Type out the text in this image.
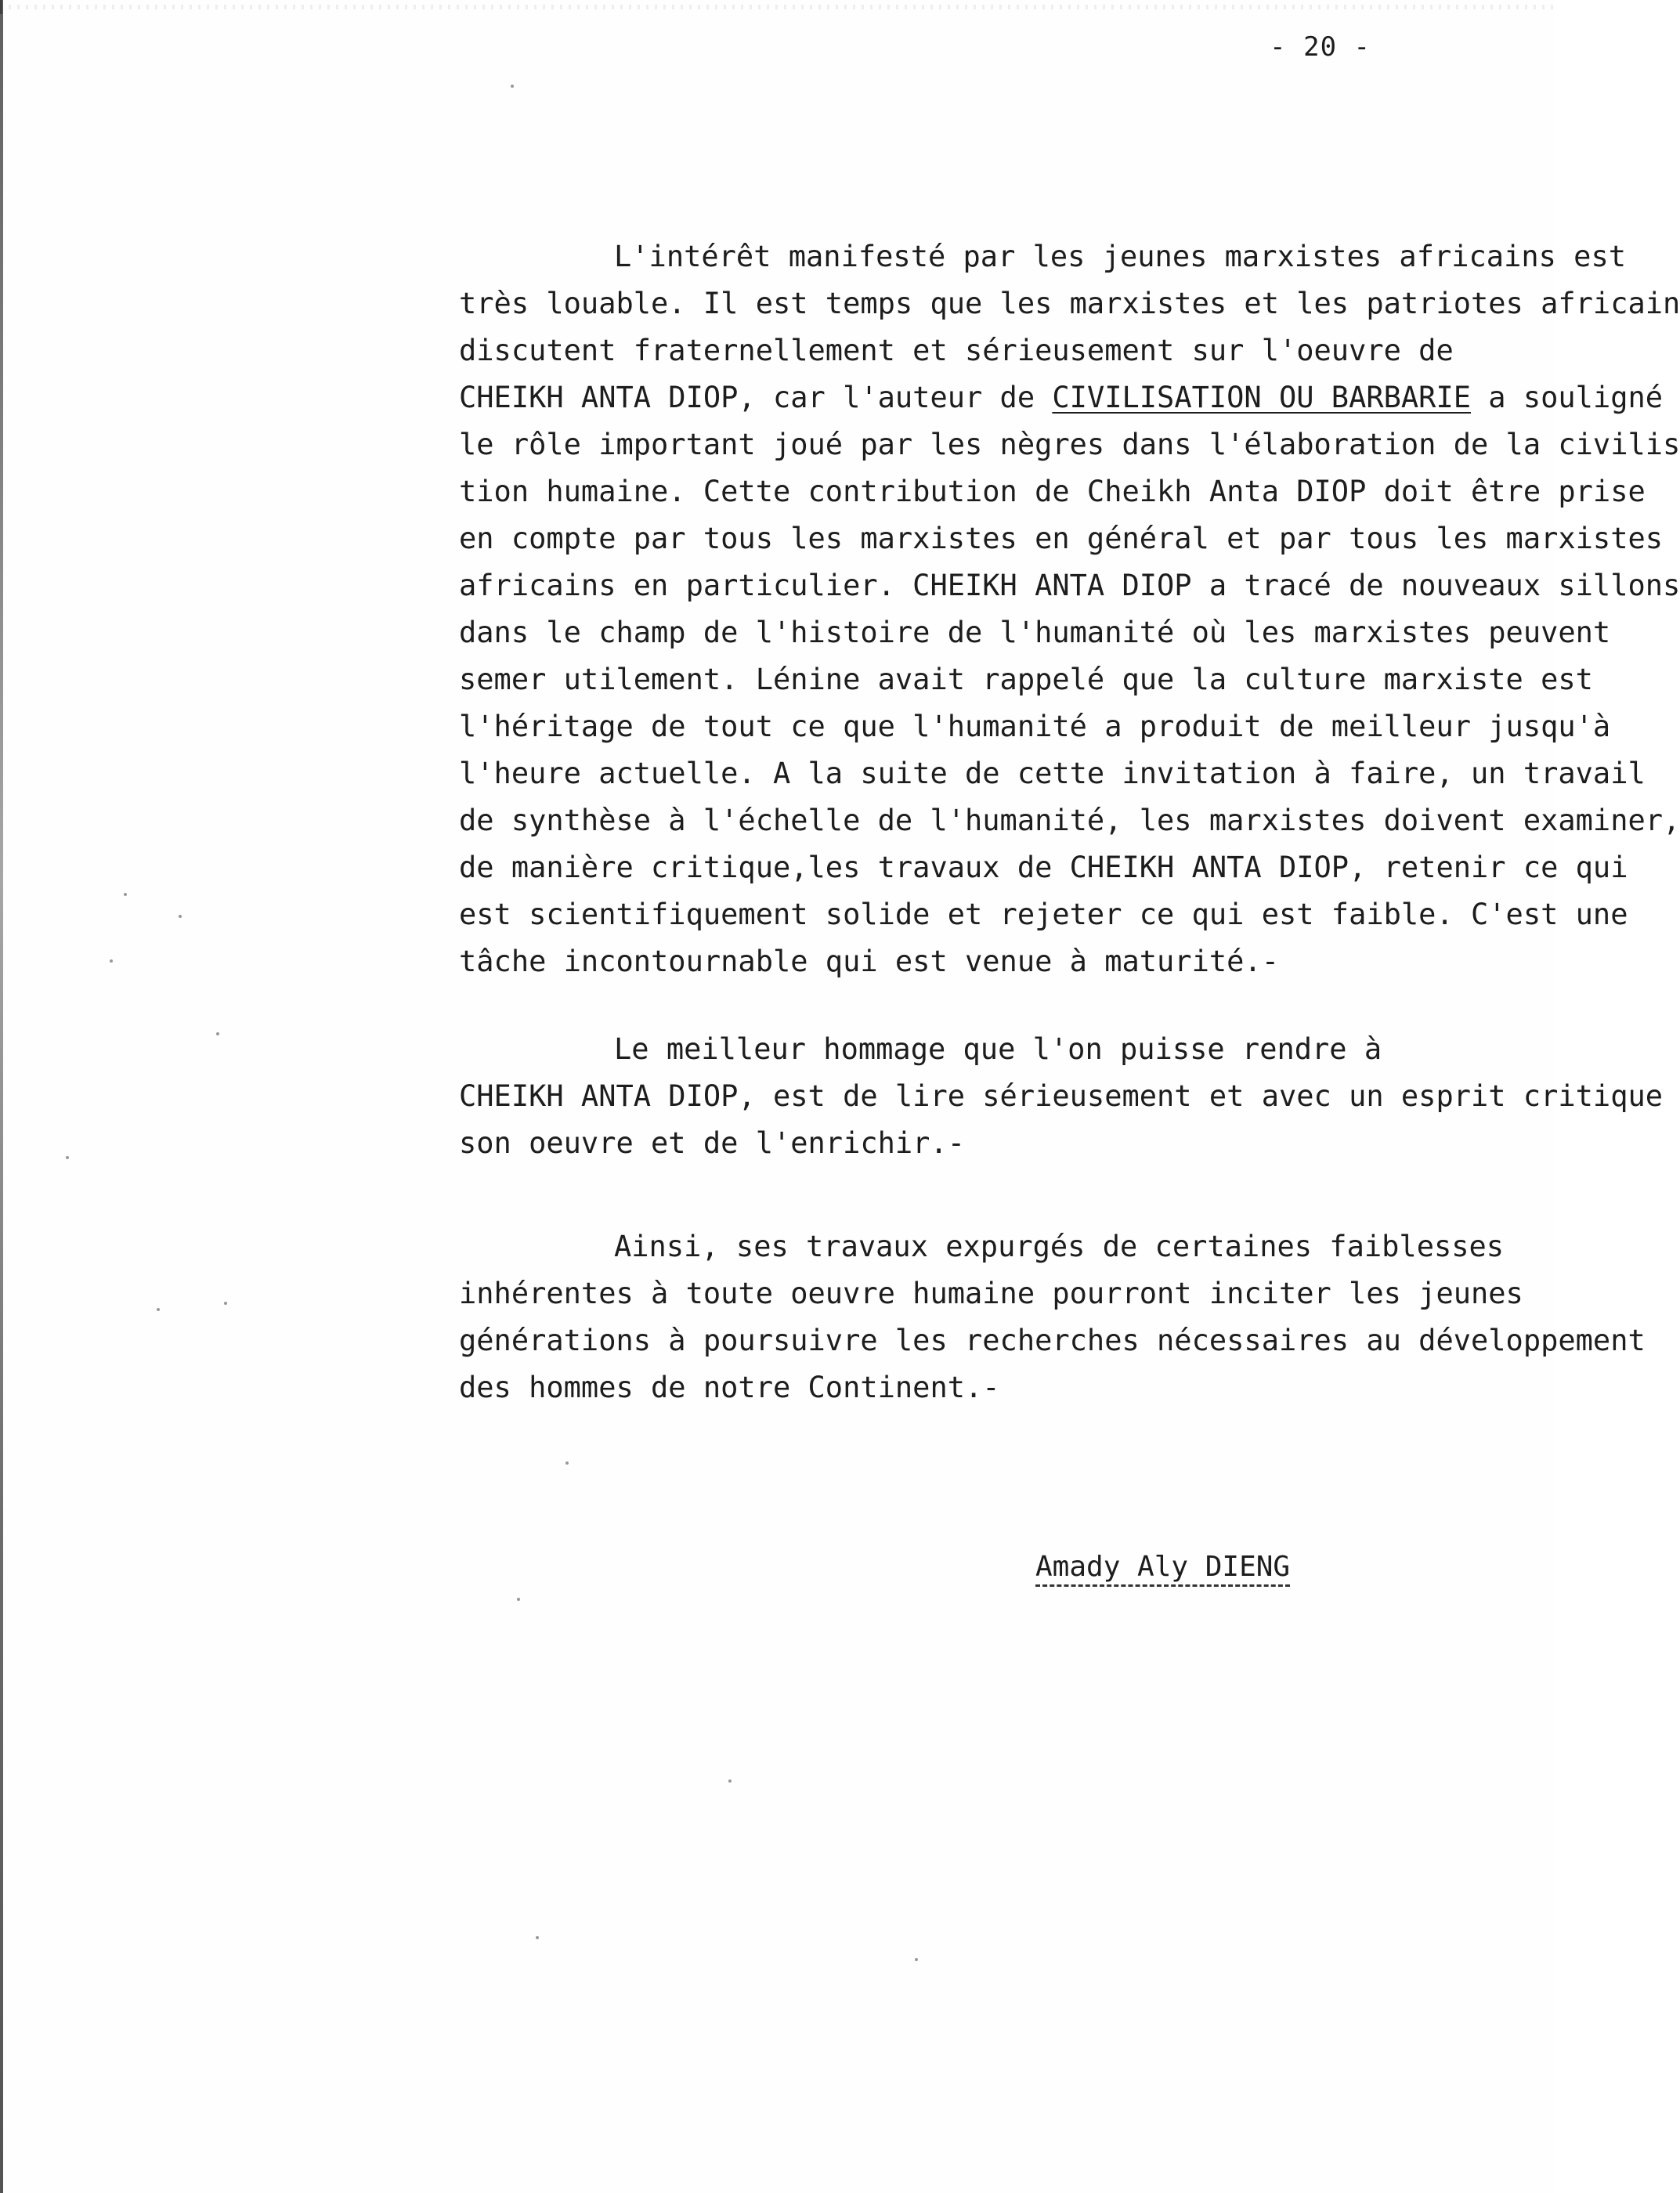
- 20 -

L'intérêt manifesté par les jeunes marxistes africains est
très louable. Il est temps que les marxistes et les patriotes africain
discutent fraternellement et sérieusement sur l'oeuvre de
CHEIKH ANTA DIOP, car l'auteur de CIVILISATION OU BARBARIE a souligné
le rôle important joué par les nègres dans l'élaboration de la civilis
tion humaine. Cette contribution de Cheikh Anta DIOP doit être prise
en compte par tous les marxistes en général et par tous les marxistes
africains en particulier. CHEIKH ANTA DIOP a tracé de nouveaux sillons
dans le champ de l'histoire de l'humanité où les marxistes peuvent
semer utilement. Lénine avait rappelé que la culture marxiste est
l'héritage de tout ce que l'humanité a produit de meilleur jusqu'à
l'heure actuelle. A la suite de cette invitation à faire, un travail
de synthèse à l'échelle de l'humanité, les marxistes doivent examiner,
de manière critique,les travaux de CHEIKH ANTA DIOP, retenir ce qui
est scientifiquement solide et rejeter ce qui est faible. C'est une
tâche incontournable qui est venue à maturité.-

Le meilleur hommage que l'on puisse rendre à
CHEIKH ANTA DIOP, est de lire sérieusement et avec un esprit critique
son oeuvre et de l'enrichir.-

Ainsi, ses travaux expurgés de certaines faiblesses
inhérentes à toute oeuvre humaine pourront inciter les jeunes
générations à poursuivre les recherches nécessaires au développement
des hommes de notre Continent.-

Amady Aly DIENG
